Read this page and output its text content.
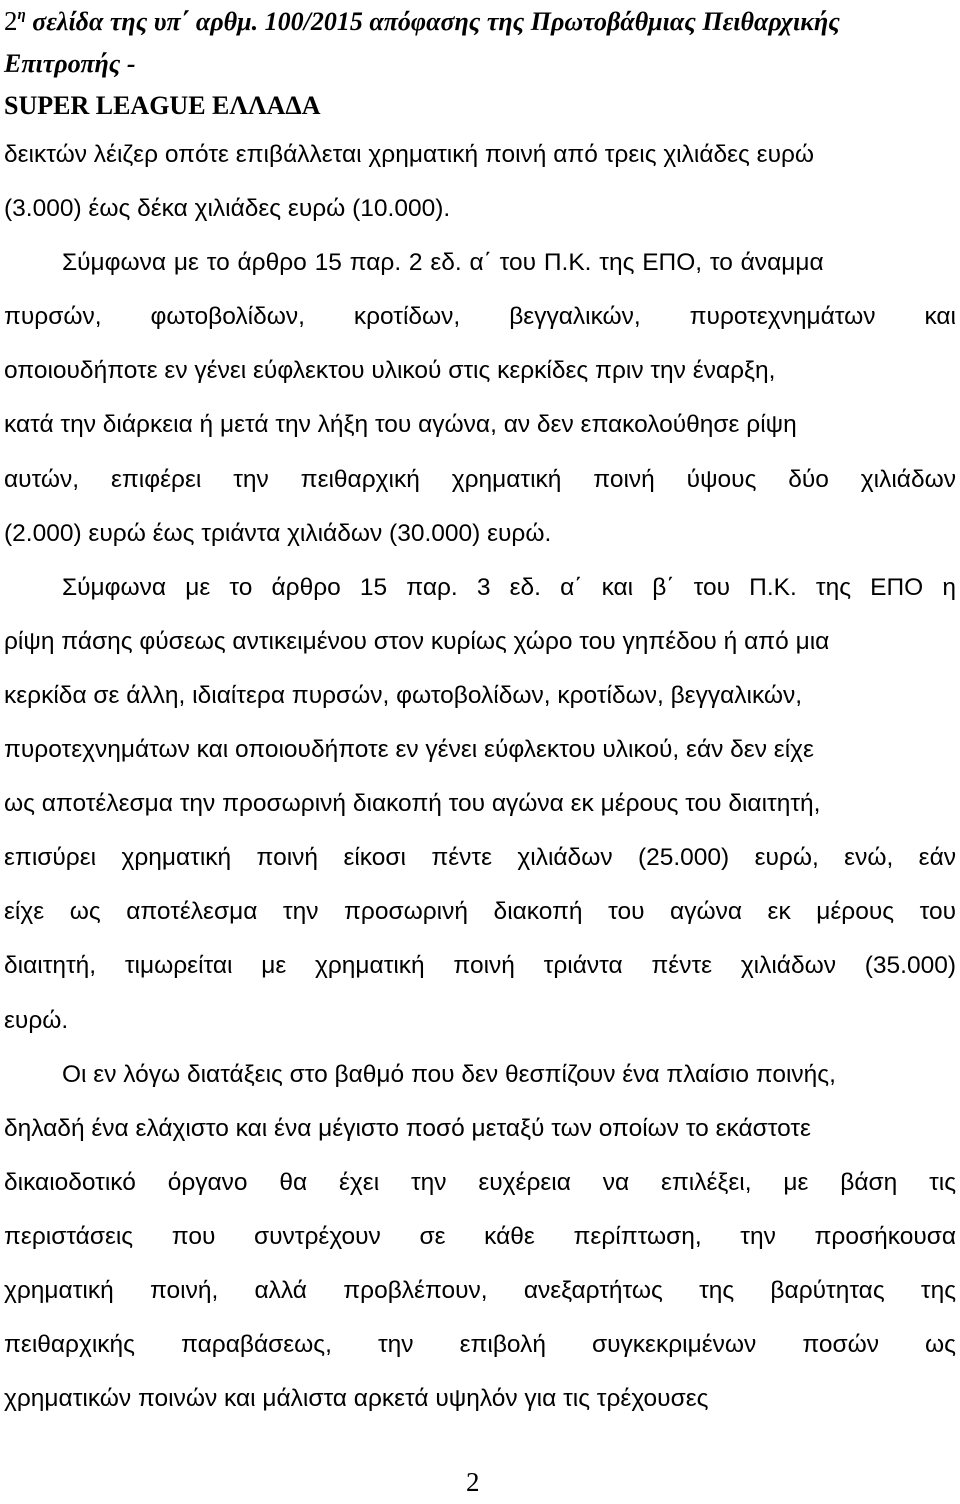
$2^\eta$ σελίδα της υπ΄ αρθμ. 100/2015 απόφασης της Πρωτοβάθμιας Πειθαρχικής Επιτροπής -
SUPER LEAGUE ΕΛΛΑΔΑ
δεικτών λέιζερ οπότε επιβάλλεται χρηματική ποινή από τρεις χιλιάδες ευρώ
(3.000) έως δέκα χιλιάδες ευρώ (10.000).
Σύμφωνα με το άρθρο 15 παρ. 2 εδ. α΄ του Π.Κ. της ΕΠΟ, το άναμμα
πυρσών, φωτοβολίδων, κροτίδων, βεγγαλικών, πυροτεχνημάτων και
οποιουδήποτε εν γένει εύφλεκτου υλικού στις κερκίδες πριν την έναρξη,
κατά την διάρκεια ή μετά την λήξη του αγώνα, αν δεν επακολούθησε ρίψη
αυτών, επιφέρει την πειθαρχική χρηματική ποινή ύψους δύο χιλιάδων
(2.000) ευρώ έως τριάντα χιλιάδων (30.000) ευρώ.
Σύμφωνα με το άρθρο 15 παρ. 3 εδ. α΄ και β΄ του Π.Κ. της ΕΠΟ η
ρίψη πάσης φύσεως αντικειμένου στον κυρίως χώρο του γηπέδου ή από μια
κερκίδα σε άλλη, ιδιαίτερα πυρσών, φωτοβολίδων, κροτίδων, βεγγαλικών,
πυροτεχνημάτων και οποιουδήποτε εν γένει εύφλεκτου υλικού, εάν δεν είχε
ως αποτέλεσμα την προσωρινή διακοπή του αγώνα εκ μέρους του διαιτητή,
επισύρει χρηματική ποινή είκοσι πέντε χιλιάδων (25.000) ευρώ, ενώ, εάν
είχε ως αποτέλεσμα την προσωρινή διακοπή του αγώνα εκ μέρους του
διαιτητή, τιμωρείται με χρηματική ποινή τριάντα πέντε χιλιάδων (35.000)
ευρώ.
Οι εν λόγω διατάξεις στο βαθμό που δεν θεσπίζουν ένα πλαίσιο ποινής,
δηλαδή ένα ελάχιστο και ένα μέγιστο ποσό μεταξύ των οποίων το εκάστοτε
δικαιοδοτικό όργανο θα έχει την ευχέρεια να επιλέξει, με βάση τις
περιστάσεις που συντρέχουν σε κάθε περίπτωση, την προσήκουσα
χρηματική ποινή, αλλά προβλέπουν, ανεξαρτήτως της βαρύτητας της
πειθαρχικής παραβάσεως, την επιβολή συγκεκριμένων ποσών ως
χρηματικών ποινών και μάλιστα αρκετά υψηλόν για τις τρέχουσες
2
